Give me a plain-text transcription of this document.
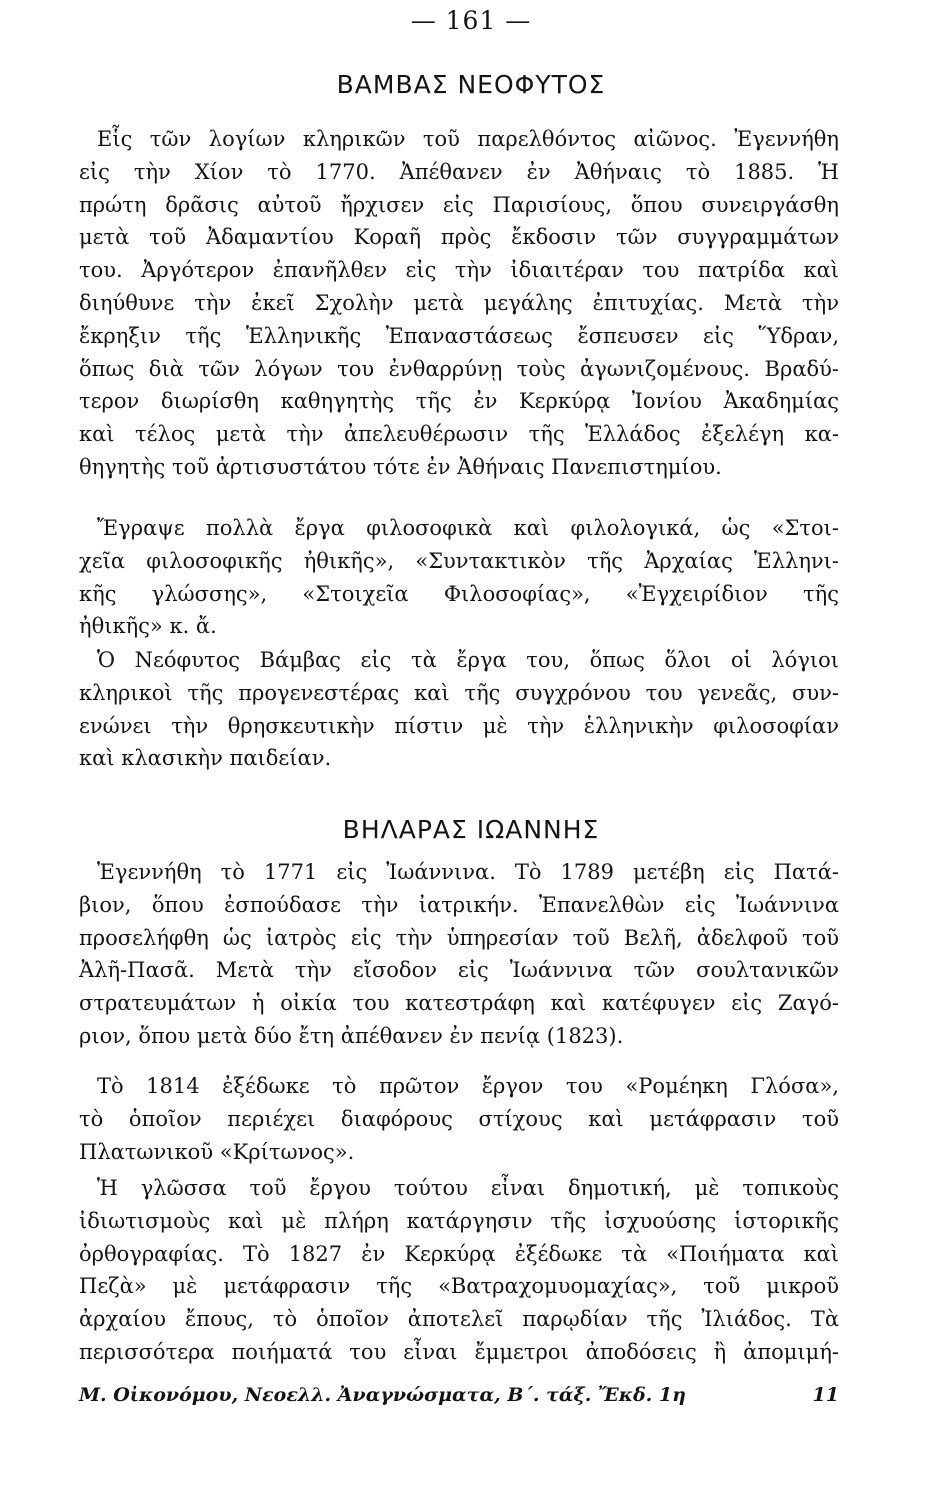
— 161 —
ΒΑΜΒΑΣ ΝΕΟΦΥΤΟΣ
Εἷς τῶν λογίων κληρικῶν τοῦ παρελθόντος αἰῶνος. Ἐγεννήθη
εἰς τὴν Χίον τὸ 1770. Ἀπέθανεν ἐν Ἀθήναις τὸ 1885. Ἡ
πρώτη δρᾶσις αὐτοῦ ἤρχισεν εἰς Παρισίους, ὅπου συνειργάσθη
μετὰ τοῦ Ἀδαμαντίου Κοραῆ πρὸς ἔκδοσιν τῶν συγγραμμάτων
του. Ἀργότερον ἐπανῆλθεν εἰς τὴν ἰδιαιτέραν του πατρίδα καὶ
διηύθυνε τὴν ἐκεῖ Σχολὴν μετὰ μεγάλης ἐπιτυχίας. Μετὰ τὴν
ἔκρηξιν τῆς Ἑλληνικῆς Ἐπαναστάσεως ἔσπευσεν εἰς Ὕδραν,
ὅπως διὰ τῶν λόγων του ἐνθαρρύνῃ τοὺς ἀγωνιζομένους. Βραδύ-
τερον διωρίσθη καθηγητὴς τῆς ἐν Κερκύρᾳ Ἰονίου Ἀκαδημίας
καὶ τέλος μετὰ τὴν ἀπελευθέρωσιν τῆς Ἑλλάδος ἐξελέγη κα-
θηγητὴς τοῦ ἀρτισυστάτου τότε ἐν Ἀθήναις Πανεπιστημίου.
Ἔγραψε πολλὰ ἔργα φιλοσοφικὰ καὶ φιλολογικά, ὡς «Στοι-
χεῖα φιλοσοφικῆς ἠθικῆς», «Συντακτικὸν τῆς Ἀρχαίας Ἑλληνι-
κῆς γλώσσης», «Στοιχεῖα Φιλοσοφίας», «Ἐγχειρίδιον τῆς
ἠθικῆς» κ. ἄ.
Ὁ Νεόφυτος Βάμβας εἰς τὰ ἔργα του, ὅπως ὅλοι οἱ λόγιοι
κληρικοὶ τῆς προγενεστέρας καὶ τῆς συγχρόνου του γενεᾶς, συν-
ενώνει τὴν θρησκευτικὴν πίστιν μὲ τὴν ἑλληνικὴν φιλοσοφίαν
καὶ κλασικὴν παιδείαν.
ΒΗΛΑΡΑΣ ΙΩΑΝΝΗΣ
Ἐγεννήθη τὸ 1771 εἰς Ἰωάννινα. Τὸ 1789 μετέβη εἰς Πατά-
βιον, ὅπου ἐσπούδασε τὴν ἰατρικήν. Ἐπανελθὼν εἰς Ἰωάννινα
προσελήφθη ὡς ἰατρὸς εἰς τὴν ὑπηρεσίαν τοῦ Βελῆ, ἀδελφοῦ τοῦ
Ἀλῆ-Πασᾶ. Μετὰ τὴν εἴσοδον εἰς Ἰωάννινα τῶν σουλτανικῶν
στρατευμάτων ἡ οἰκία του κατεστράφη καὶ κατέφυγεν εἰς Ζαγό-
ριον, ὅπου μετὰ δύο ἔτη ἀπέθανεν ἐν πενίᾳ (1823).
Τὸ 1814 ἐξέδωκε τὸ πρῶτον ἔργον του «Ρομέηκη Γλόσα»,
τὸ ὁποῖον περιέχει διαφόρους στίχους καὶ μετάφρασιν τοῦ
Πλατωνικοῦ «Κρίτωνος».
Ἡ γλῶσσα τοῦ ἔργου τούτου εἶναι δημοτική, μὲ τοπικοὺς
ἰδιωτισμοὺς καὶ μὲ πλήρη κατάργησιν τῆς ἰσχυούσης ἱστορικῆς
ὀρθογραφίας. Τὸ 1827 ἐν Κερκύρᾳ ἐξέδωκε τὰ «Ποιήματα καὶ
Πεζὰ» μὲ μετάφρασιν τῆς «Βατραχομυομαχίας», τοῦ μικροῦ
ἀρχαίου ἔπους, τὸ ὁποῖον ἀποτελεῖ παρῳδίαν τῆς Ἰλιάδος. Τὰ
περισσότερα ποιήματά του εἶναι ἔμμετροι ἀποδόσεις ἢ ἀπομιμή-
Μ. Οἰκονόμου, Νεοελλ. Ἀναγνώσματα, Β΄. τάξ. Ἔκδ. 1η	11
